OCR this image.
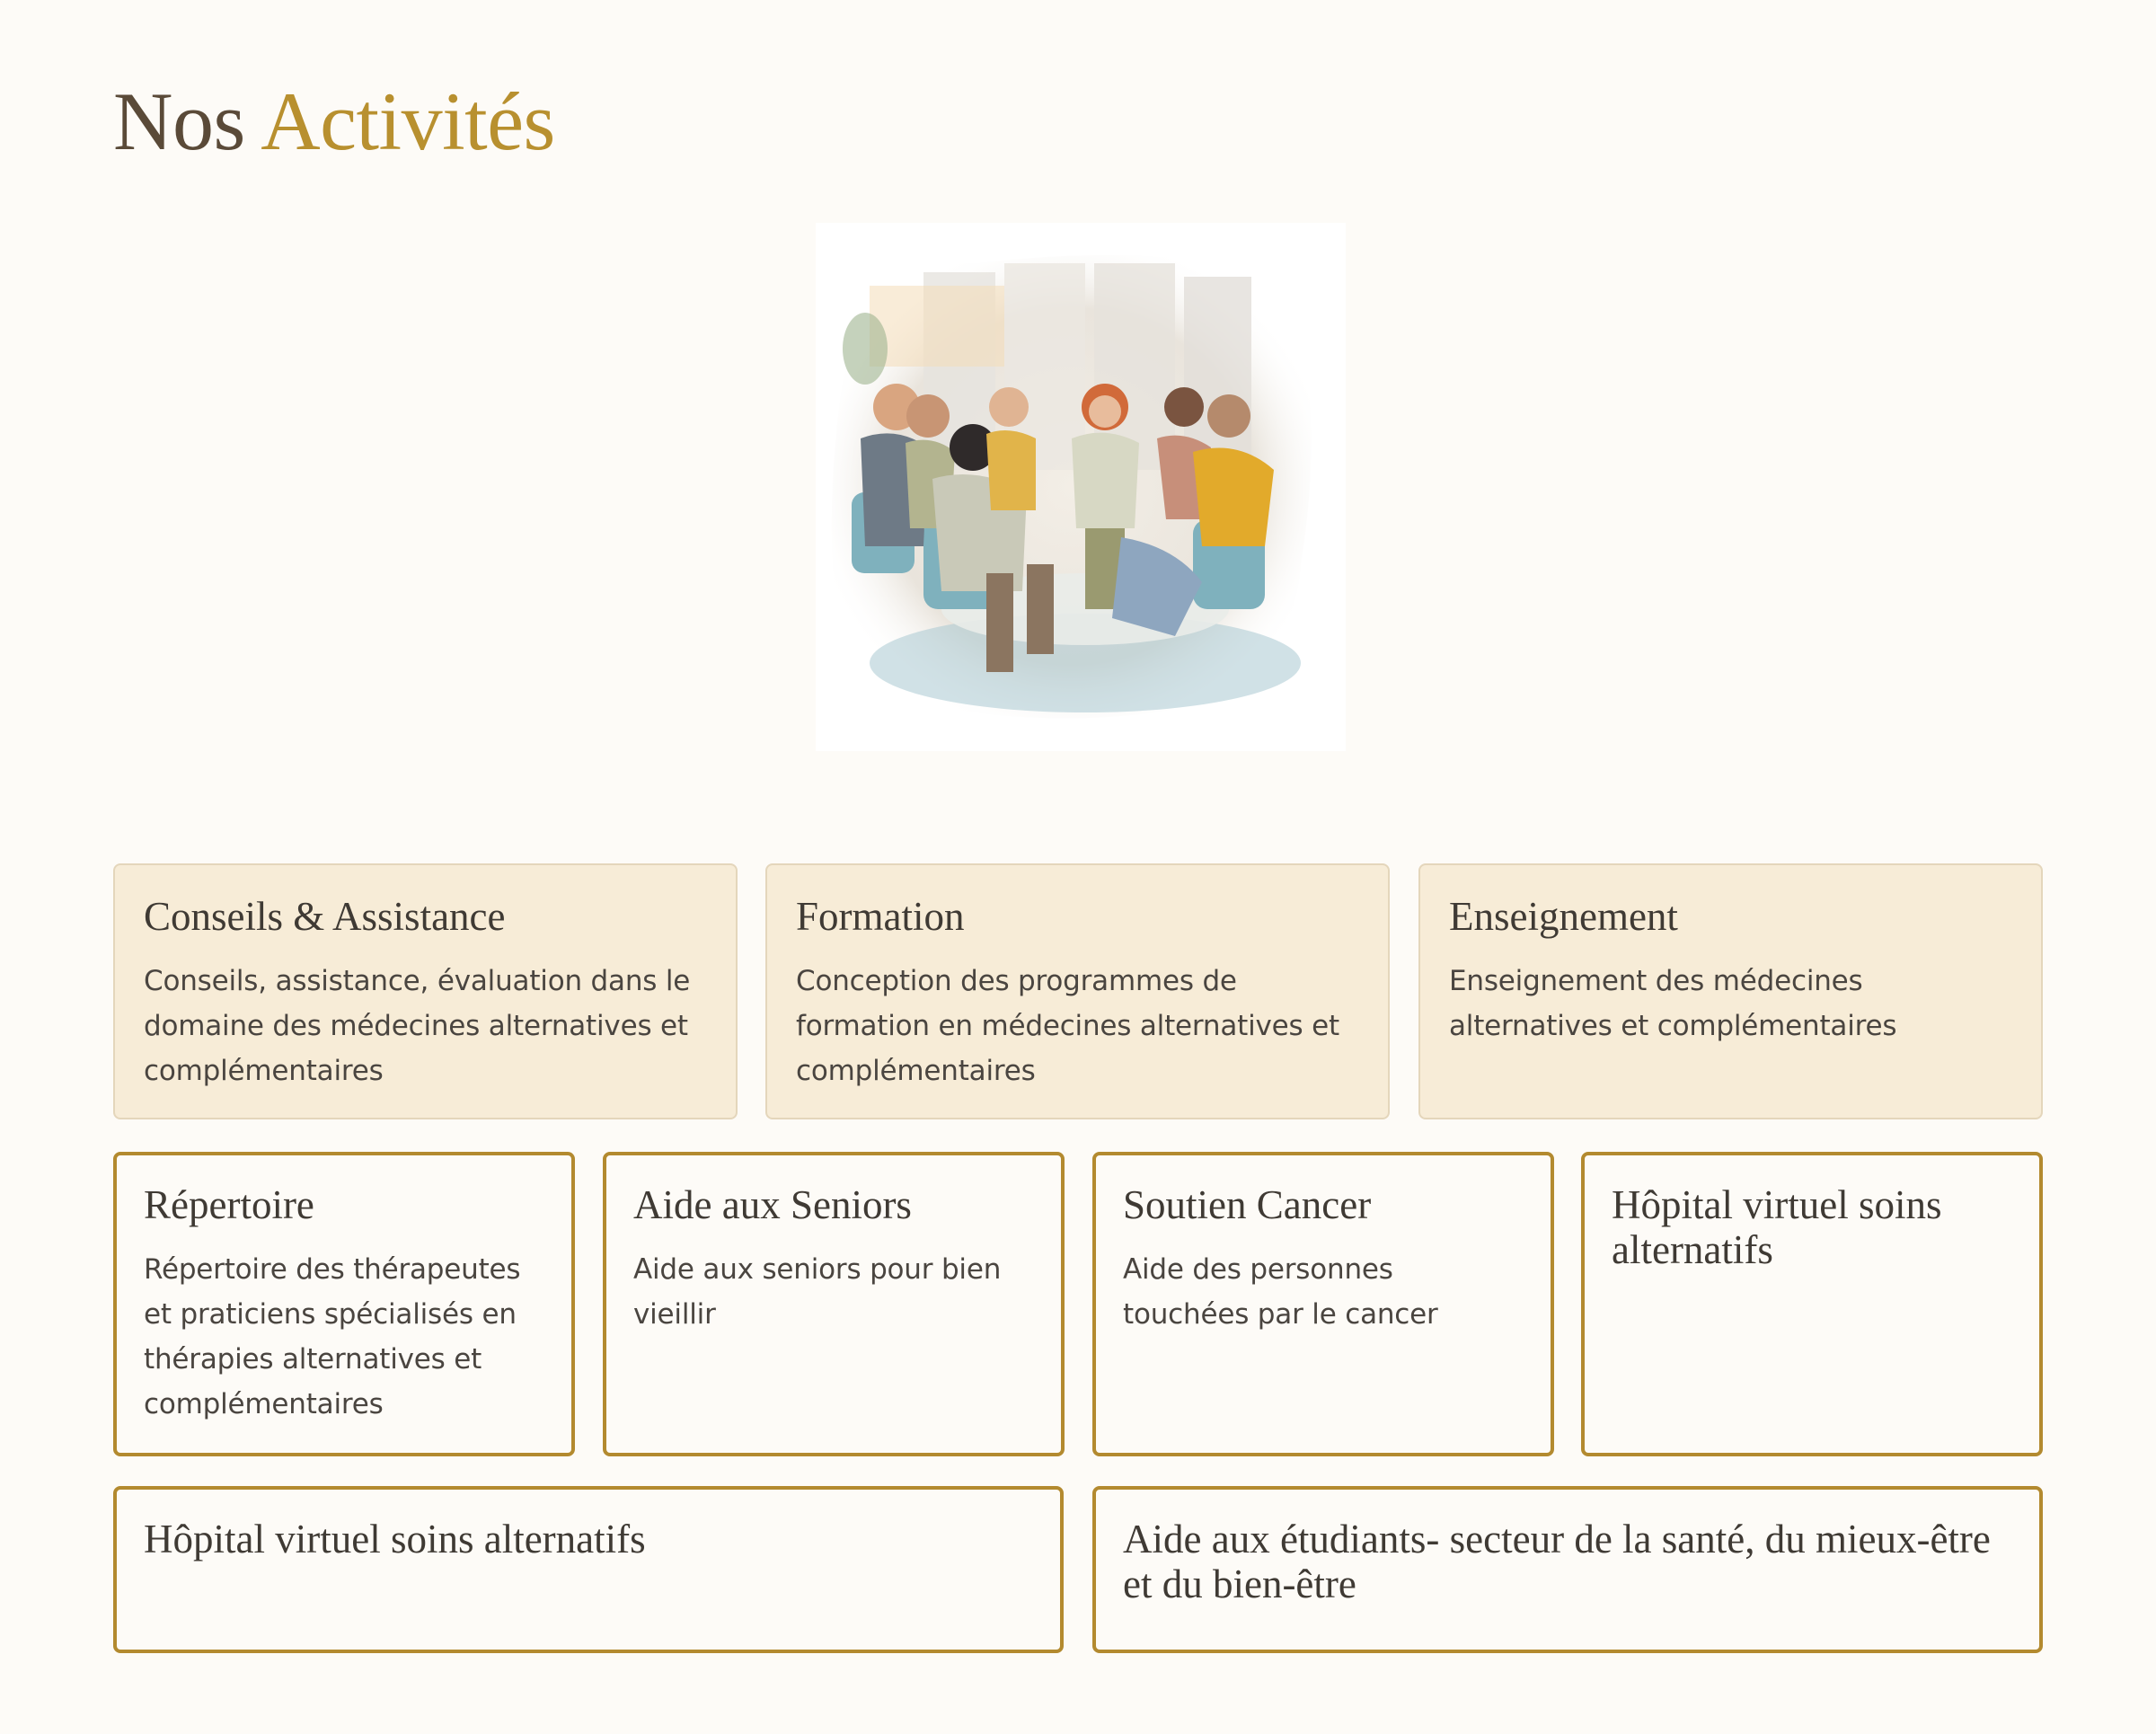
Nos Activités
Conseils & Assistance

Conseils, assistance, évaluation dans le domaine des médecines alternatives et complémentaires

Formation

Conception des programmes de formation en médecines alternatives et complémentaires

Enseignement

Enseignement des médecines alternatives et complémentaires

Répertoire

Répertoire des thérapeutes et praticiens spécialisés en thérapies alternatives et complémentaires

Aide aux Seniors

Aide aux seniors pour bien vieillir

Soutien Cancer

Aide des personnes touchées par le cancer

Hôpital virtuel soins alternatifs
Hôpital virtuel soins alternatifs	Aide aux étudiants- secteur de la santé, du mieux-être et du bien-être
